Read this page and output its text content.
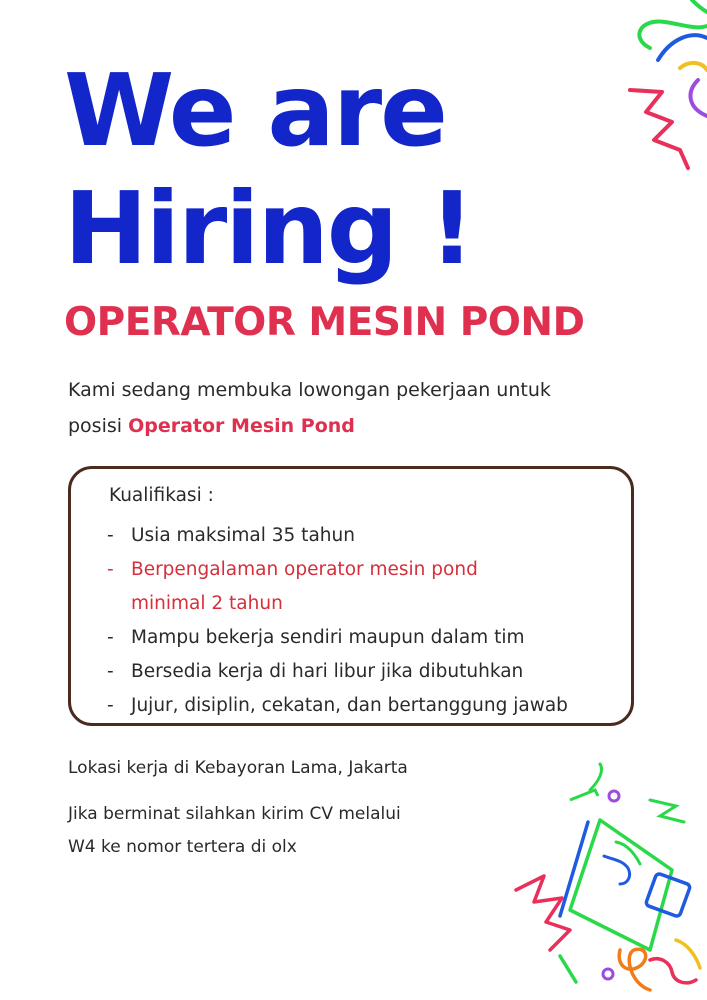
We are
Hiring !
OPERATOR MESIN POND
Kami sedang membuka lowongan pekerjaan untuk
posisi Operator Mesin Pond
Kualifikasi :
- Usia maksimal 35 tahun
- Berpengalaman operator mesin pond
minimal 2 tahun
- Mampu bekerja sendiri maupun dalam tim
- Bersedia kerja di hari libur jika dibutuhkan
- Jujur, disiplin, cekatan, dan bertanggung jawab
Lokasi kerja di Kebayoran Lama, Jakarta
Jika berminat silahkan kirim CV melalui
W4 ke nomor tertera di olx
